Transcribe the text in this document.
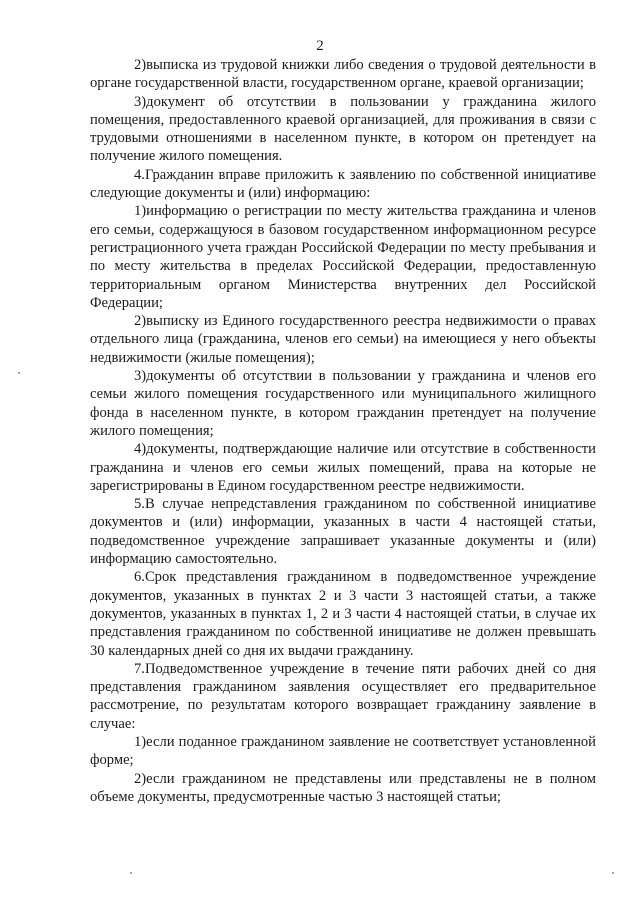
2

2)выписка из трудовой книжки либо сведения о трудовой деятельности в органе государственной власти, государственном органе, краевой организации;

3)документ об отсутствии в пользовании у гражданина жилого помещения, предоставленного краевой организацией, для проживания в связи с трудовыми отношениями в населенном пункте, в котором он претендует на получение жилого помещения.

4.Гражданин вправе приложить к заявлению по собственной инициативе следующие документы и (или) информацию:

1)информацию о регистрации по месту жительства гражданина и членов его семьи, содержащуюся в базовом государственном информационном ресурсе регистрационного учета граждан Российской Федерации по месту пребывания и по месту жительства в пределах Российской Федерации, предоставленную территориальным органом Министерства внутренних дел Российской Федерации;

2)выписку из Единого государственного реестра недвижимости о правах отдельного лица (гражданина, членов его семьи) на имеющиеся у него объекты недвижимости (жилые помещения);

3)документы об отсутствии в пользовании у гражданина и членов его семьи жилого помещения государственного или муниципального жилищного фонда в населенном пункте, в котором гражданин претендует на получение жилого помещения;

4)документы, подтверждающие наличие или отсутствие в собственности гражданина и членов его семьи жилых помещений, права на которые не зарегистрированы в Едином государственном реестре недвижимости.

5.В случае непредставления гражданином по собственной инициативе документов и (или) информации, указанных в части 4 настоящей статьи, подведомственное учреждение запрашивает указанные документы и (или) информацию самостоятельно.

6.Срок представления гражданином в подведомственное учреждение документов, указанных в пунктах 2 и 3 части 3 настоящей статьи, а также документов, указанных в пунктах 1, 2 и 3 части 4 настоящей статьи, в случае их представления гражданином по собственной инициативе не должен превышать 30 календарных дней со дня их выдачи гражданину.

7.Подведомственное учреждение в течение пяти рабочих дней со дня представления гражданином заявления осуществляет его предварительное рассмотрение, по результатам которого возвращает гражданину заявление в случае:

1)если поданное гражданином заявление не соответствует установленной форме;

2)если гражданином не представлены или представлены не в полном объеме документы, предусмотренные частью 3 настоящей статьи;
